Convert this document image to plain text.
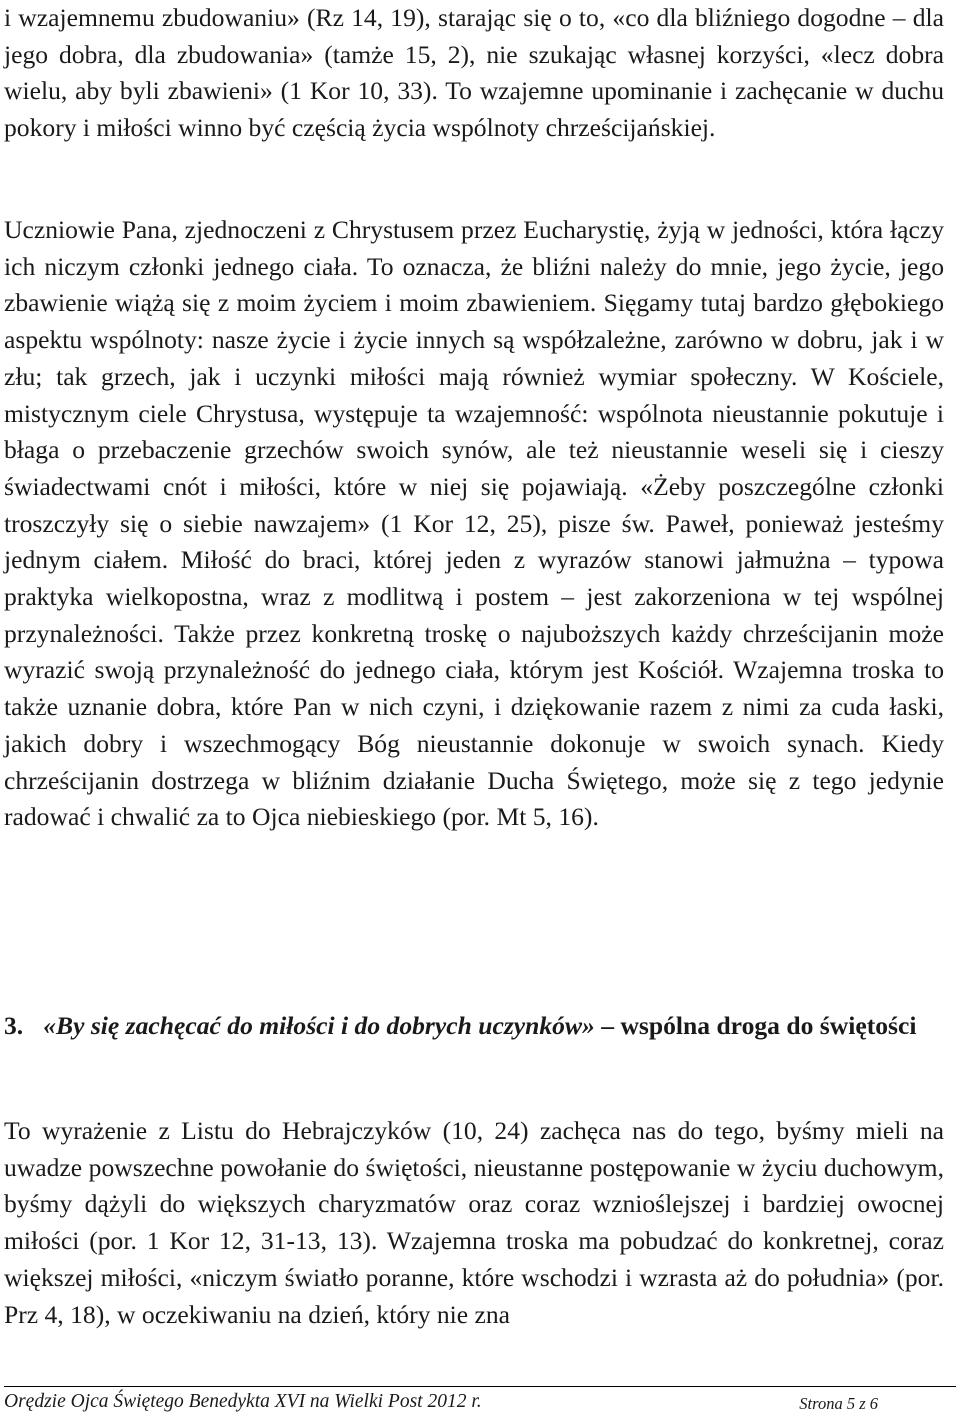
i wzajemnemu zbudowaniu» (Rz 14, 19), starając się o to, «co dla bliźniego dogodne – dla jego dobra, dla zbudowania» (tamże 15, 2), nie szukając własnej korzyści, «lecz dobra wielu, aby byli zbawieni» (1 Kor 10, 33). To wzajemne upominanie i zachęcanie w duchu pokory i miłości winno być częścią życia wspólnoty chrześcijańskiej.

Uczniowie Pana, zjednoczeni z Chrystusem przez Eucharystię, żyją w jedności, która łączy ich niczym członki jednego ciała. To oznacza, że bliźni należy do mnie, jego życie, jego zbawienie wiążą się z moim życiem i moim zbawieniem. Sięgamy tutaj bardzo głębokiego aspektu wspólnoty: nasze życie i życie innych są współzależne, zarówno w dobru, jak i w złu; tak grzech, jak i uczynki miłości mają również wymiar społeczny. W Kościele, mistycznym ciele Chrystusa, występuje ta wzajemność: wspólnota nieustannie pokutuje i błaga o przebaczenie grzechów swoich synów, ale też nieustannie weseli się i cieszy świadectwami cnót i miłości, które w niej się pojawiają. «Żeby poszczególne członki troszczyły się o siebie nawzajem» (1 Kor 12, 25), pisze św. Paweł, ponieważ jesteśmy jednym ciałem. Miłość do braci, której jeden z wyrazów stanowi jałmużna – typowa praktyka wielkopostna, wraz z modlitwą i postem – jest zakorzeniona w tej wspólnej przynależności. Także przez konkretną troskę o najuboższych każdy chrześcijanin może wyrazić swoją przynależność do jednego ciała, którym jest Kościół. Wzajemna troska to także uznanie dobra, które Pan w nich czyni, i dziękowanie razem z nimi za cuda łaski, jakich dobry i wszechmogący Bóg nieustannie dokonuje w swoich synach. Kiedy chrześcijanin dostrzega w bliźnim działanie Ducha Świętego, może się z tego jedynie radować i chwalić za to Ojca niebieskiego (por. Mt 5, 16).

3. «By się zachęcać do miłości i do dobrych uczynków» – wspólna droga do świętości

To wyrażenie z Listu do Hebrajczyków (10, 24) zachęca nas do tego, byśmy mieli na uwadze powszechne powołanie do świętości, nieustanne postępowanie w życiu duchowym, byśmy dążyli do większych charyzmatów oraz coraz wznioślejszej i bardziej owocnej miłości (por. 1 Kor 12, 31-13, 13). Wzajemna troska ma pobudzać do konkretnej, coraz większej miłości, «niczym światło poranne, które wschodzi i wzrasta aż do południa» (por. Prz 4, 18), w oczekiwaniu na dzień, który nie zna

Orędzie Ojca Świętego Benedykta XVI na Wielki Post 2012 r.	Strona 5 z 6
